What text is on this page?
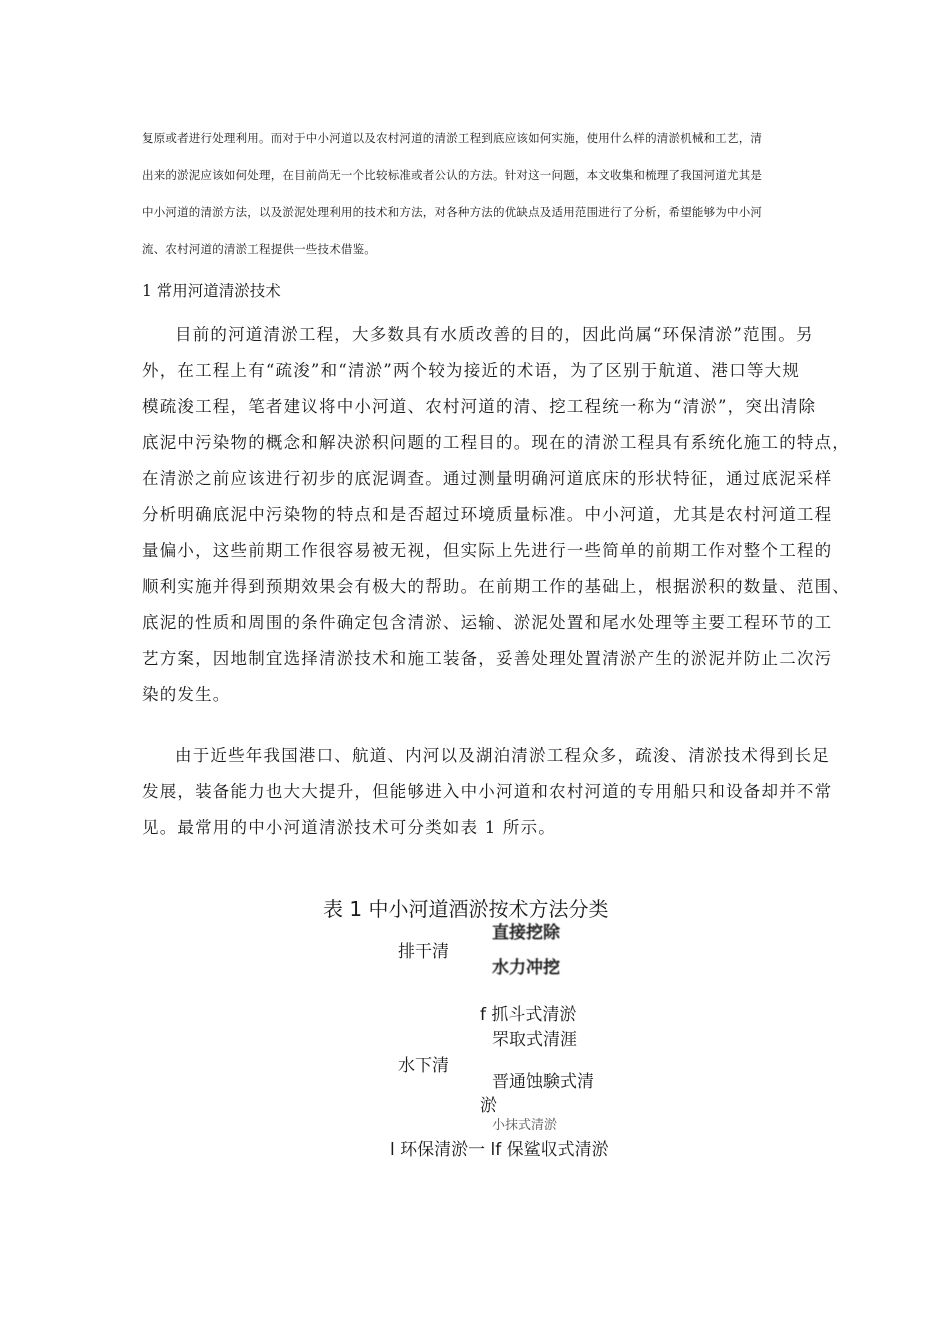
复原或者进行处理利用。而对于中小河道以及农村河道的清淤工程到底应该如何实施，使用什么样的清淤机械和工艺，清
出来的淤泥应该如何处理，在目前尚无一个比较标准或者公认的方法。针对这一问题，本文收集和梳理了我国河道尤其是
中小河道的清淤方法，以及淤泥处理利用的技术和方法，对各种方法的优缺点及适用范围进行了分析，希望能够为中小河
流、农村河道的清淤工程提供一些技术借鉴。
1 常用河道清淤技术
目前的河道清淤工程，大多数具有水质改善的目的，因此尚属“环保清淤”范围。另
外，在工程上有“疏浚”和“清淤”两个较为接近的术语，为了区别于航道、港口等大规
模疏浚工程，笔者建议将中小河道、农村河道的清、挖工程统一称为“清淤”，突出清除
底泥中污染物的概念和解决淤积问题的工程目的。现在的清淤工程具有系统化施工的特点，
在清淤之前应该进行初步的底泥调查。通过测量明确河道底床的形状特征，通过底泥采样
分析明确底泥中污染物的特点和是否超过环境质量标准。中小河道，尤其是农村河道工程
量偏小，这些前期工作很容易被无视，但实际上先进行一些简单的前期工作对整个工程的
顺利实施并得到预期效果会有极大的帮助。在前期工作的基础上，根据淤积的数量、范围、
底泥的性质和周围的条件确定包含清淤、运输、淤泥处置和尾水处理等主要工程环节的工
艺方案，因地制宜选择清淤技术和施工装备，妥善处理处置清淤产生的淤泥并防止二次污
染的发生。
由于近些年我国港口、航道、内河以及湖泊清淤工程众多，疏浚、清淤技术得到长足
发展，装备能力也大大提升，但能够进入中小河道和农村河道的专用船只和设备却并不常
见。最常用的中小河道清淤技术可分类如表 1 所示。
表 1 中小河道酒淤按术方法分类
排干清
直接挖除
水力冲挖
f 抓斗式清淤
罘取式清涯
水下清
晋通蚀験式清
淤
小抹式清淤
l 环保清淤一 lf 保鲨収式清淤
